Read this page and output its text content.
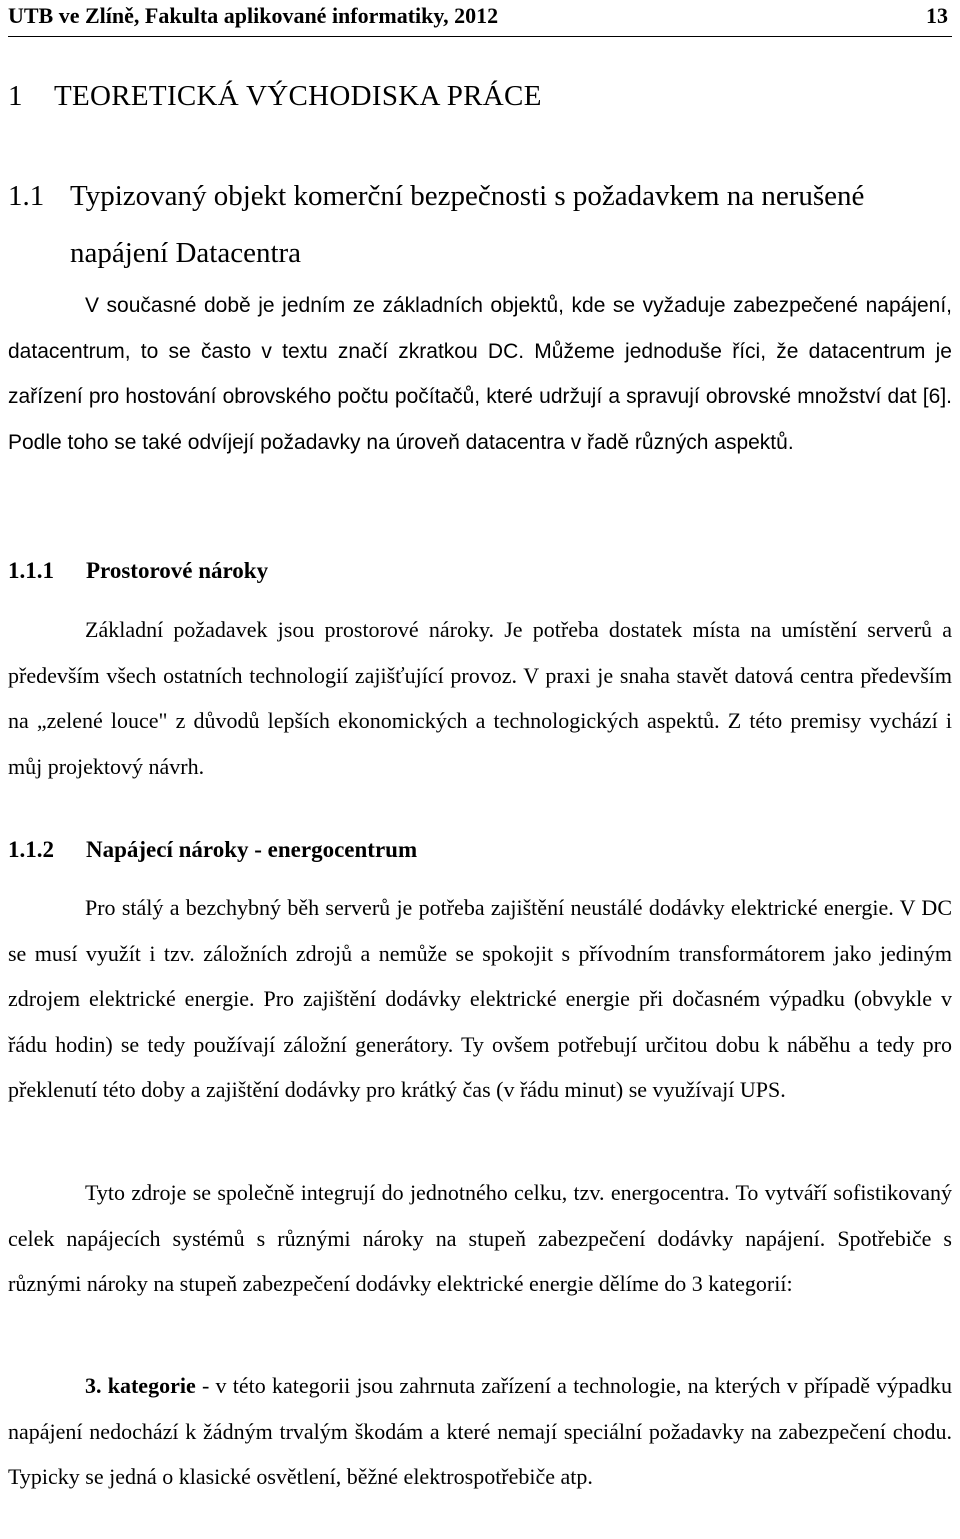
UTB ve Zlíně, Fakulta aplikované informatiky, 2012	13
1 TEORETICKÁ VÝCHODISKA PRÁCE
1.1 Typizovaný objekt komerční bezpečnosti s požadavkem na nerušené
napájení Datacentra
V současné době je jedním ze základních objektů, kde se vyžaduje zabezpečené napájení, datacentrum, to se často v textu značí zkratkou DC. Můžeme jednoduše říci, že datacentrum je zařízení pro hostování obrovského počtu počítačů, které udržují a spravují obrovské množství dat [6]. Podle toho se také odvíjejí požadavky na úroveň datacentra v řadě různých aspektů.
1.1.1 Prostorové nároky
Základní požadavek jsou prostorové nároky. Je potřeba dostatek místa na umístění serverů a především všech ostatních technologií zajišťující provoz. V praxi je snaha stavět datová centra především na „zelené louce" z důvodů lepších ekonomických a technologických aspektů. Z této premisy vychází i můj projektový návrh.
1.1.2 Napájecí nároky - energocentrum
Pro stálý a bezchybný běh serverů je potřeba zajištění neustálé dodávky elektrické energie. V DC se musí využít i tzv. záložních zdrojů a nemůže se spokojit s přívodním transformátorem jako jediným zdrojem elektrické energie. Pro zajištění dodávky elektrické energie při dočasném výpadku (obvykle v řádu hodin) se tedy používají záložní generátory. Ty ovšem potřebují určitou dobu k náběhu a tedy pro překlenutí této doby a zajištění dodávky pro krátký čas (v řádu minut) se využívají UPS.
Tyto zdroje se společně integrují do jednotného celku, tzv. energocentra. To vytváří sofistikovaný celek napájecích systémů s různými nároky na stupeň zabezpečení dodávky napájení. Spotřebiče s různými nároky na stupeň zabezpečení dodávky elektrické energie dělíme do 3 kategorií:
3. kategorie - v této kategorii jsou zahrnuta zařízení a technologie, na kterých v případě výpadku napájení nedochází k žádným trvalým škodám a které nemají speciální požadavky na zabezpečení chodu. Typicky se jedná o klasické osvětlení, běžné elektrospotřebiče atp.
